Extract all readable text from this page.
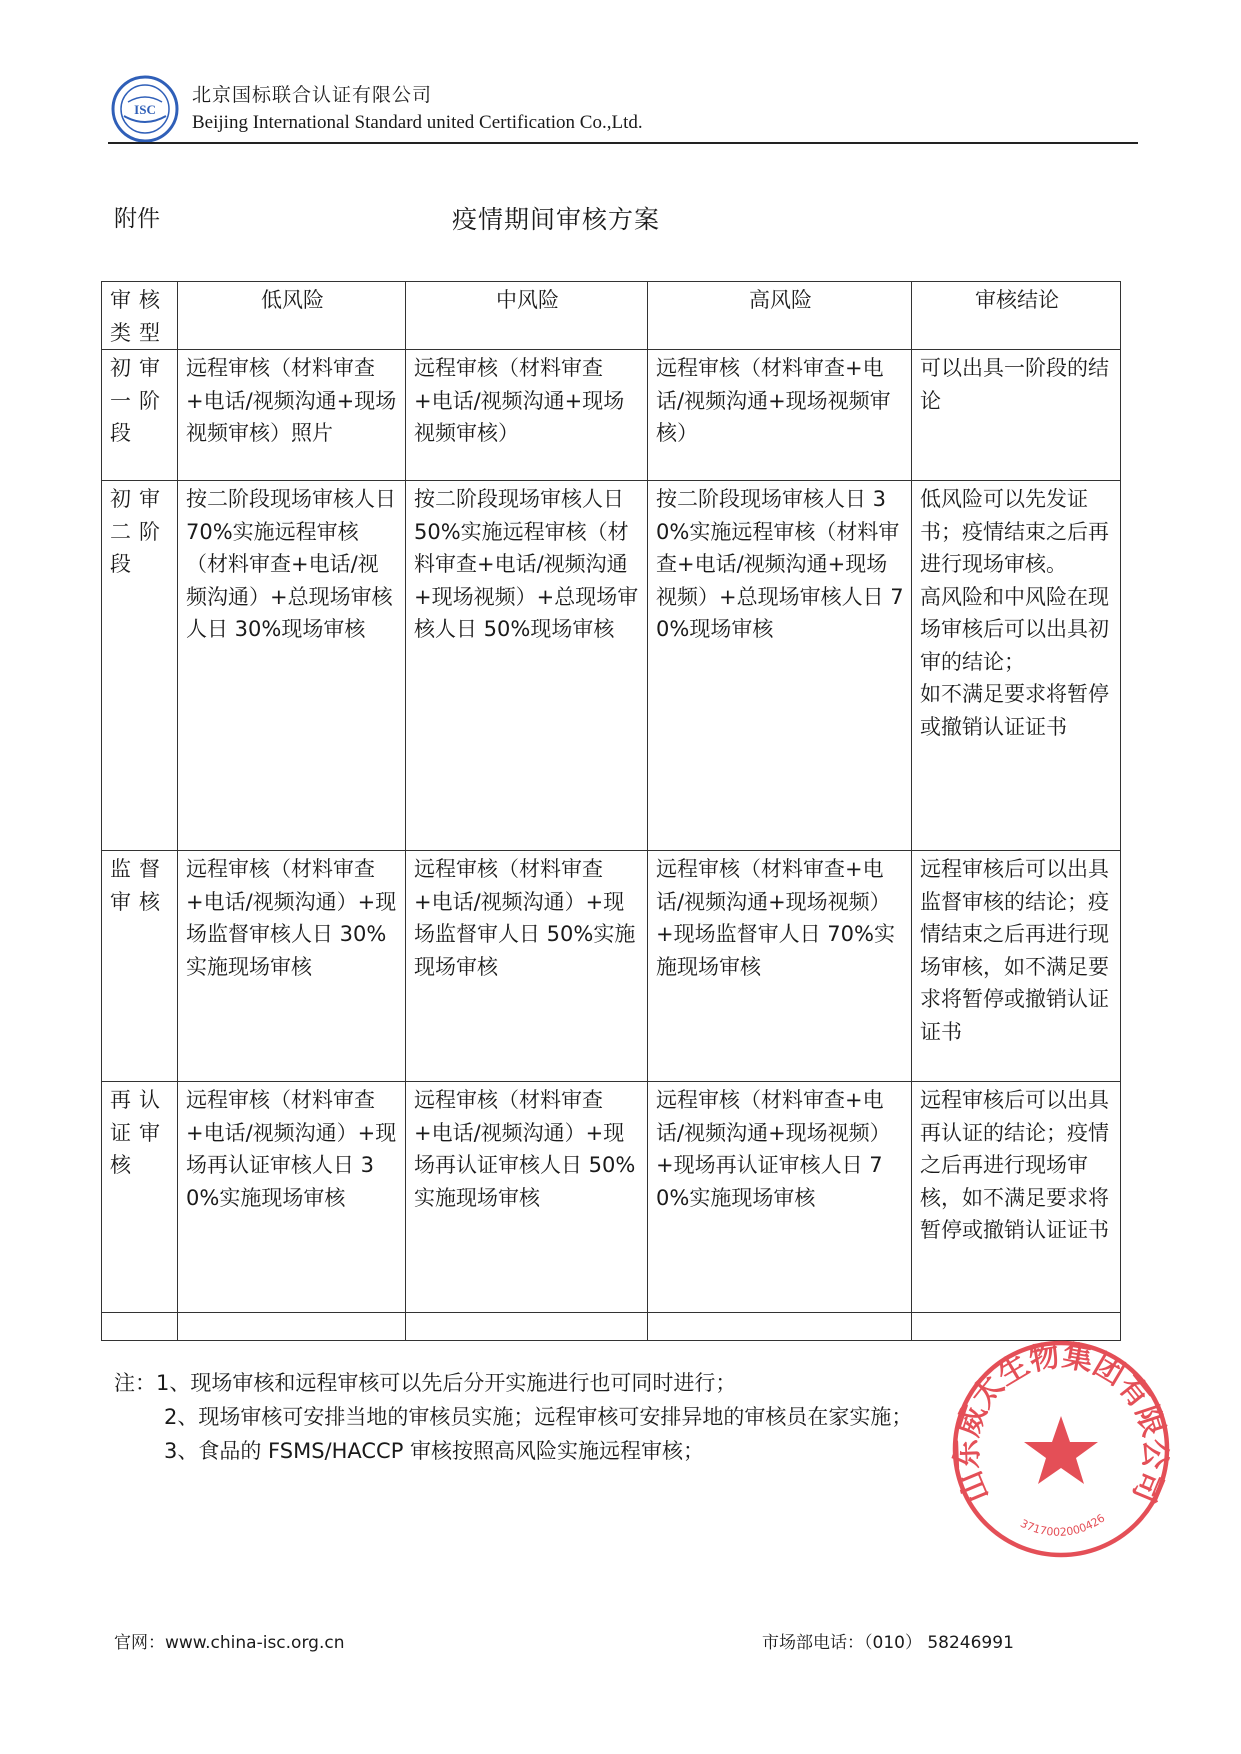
ISC
北京国标联合认证有限公司
Beijing International Standard united Certification Co.,Ltd.
附件	疫情期间审核方案
审核类型	低风险	中风险	高风险	审核结论
初审一阶段	远程审核（材料审查+电话/视频沟通+现场视频审核）照片	远程审核（材料审查+电话/视频沟通+现场视频审核）	远程审核（材料审查+电话/视频沟通+现场视频审核）	可以出具一阶段的结论

初审二阶段	按二阶段现场审核人日 70%实施远程审核（材料审查+电话/视频沟通）+总现场审核人日 30%现场审核	按二阶段现场审核人日 50%实施远程审核（材料审查+电话/视频沟通+现场视频）+总现场审核人日 50%现场审核	按二阶段现场审核人日 30%实施远程审核（材料审查+电话/视频沟通+现场视频）+总现场审核人日 70%现场审核	低风险可以先发证书；疫情结束之后再进行现场审核。
高风险和中风险在现场审核后可以出具初审的结论；
如不满足要求将暂停或撤销认证证书

监督审核	远程审核（材料审查+电话/视频沟通）+现场监督审核人日 30%实施现场审核	远程审核（材料审查+电话/视频沟通）+现场监督审人日 50%实施现场审核	远程审核（材料审查+电话/视频沟通+现场视频）+现场监督审人日 70%实施现场审核	远程审核后可以出具监督审核的结论；疫情结束之后再进行现场审核，如不满足要求将暂停或撤销认证证书

再认证审核	远程审核（材料审查+电话/视频沟通）+现场再认证审核人日 30%实施现场审核	远程审核（材料审查+电话/视频沟通）+现场再认证审核人日 50%实施现场审核	远程审核（材料审查+电话/视频沟通+现场视频）+现场再认证审核人日 70%实施现场审核	远程审核后可以出具再认证的结论；疫情之后再进行现场审核，如不满足要求将暂停或撤销认证证书

注：1、现场审核和远程审核可以先后分开实施进行也可同时进行；
2、现场审核可安排当地的审核员实施；远程审核可安排异地的审核员在家实施；
3、食品的 FSMS/HACCP 审核按照高风险实施远程审核；
山东威太生物集团有限公司
3717002000426
官网：www.china-isc.org.cn	市场部电话：（010） 58246991
